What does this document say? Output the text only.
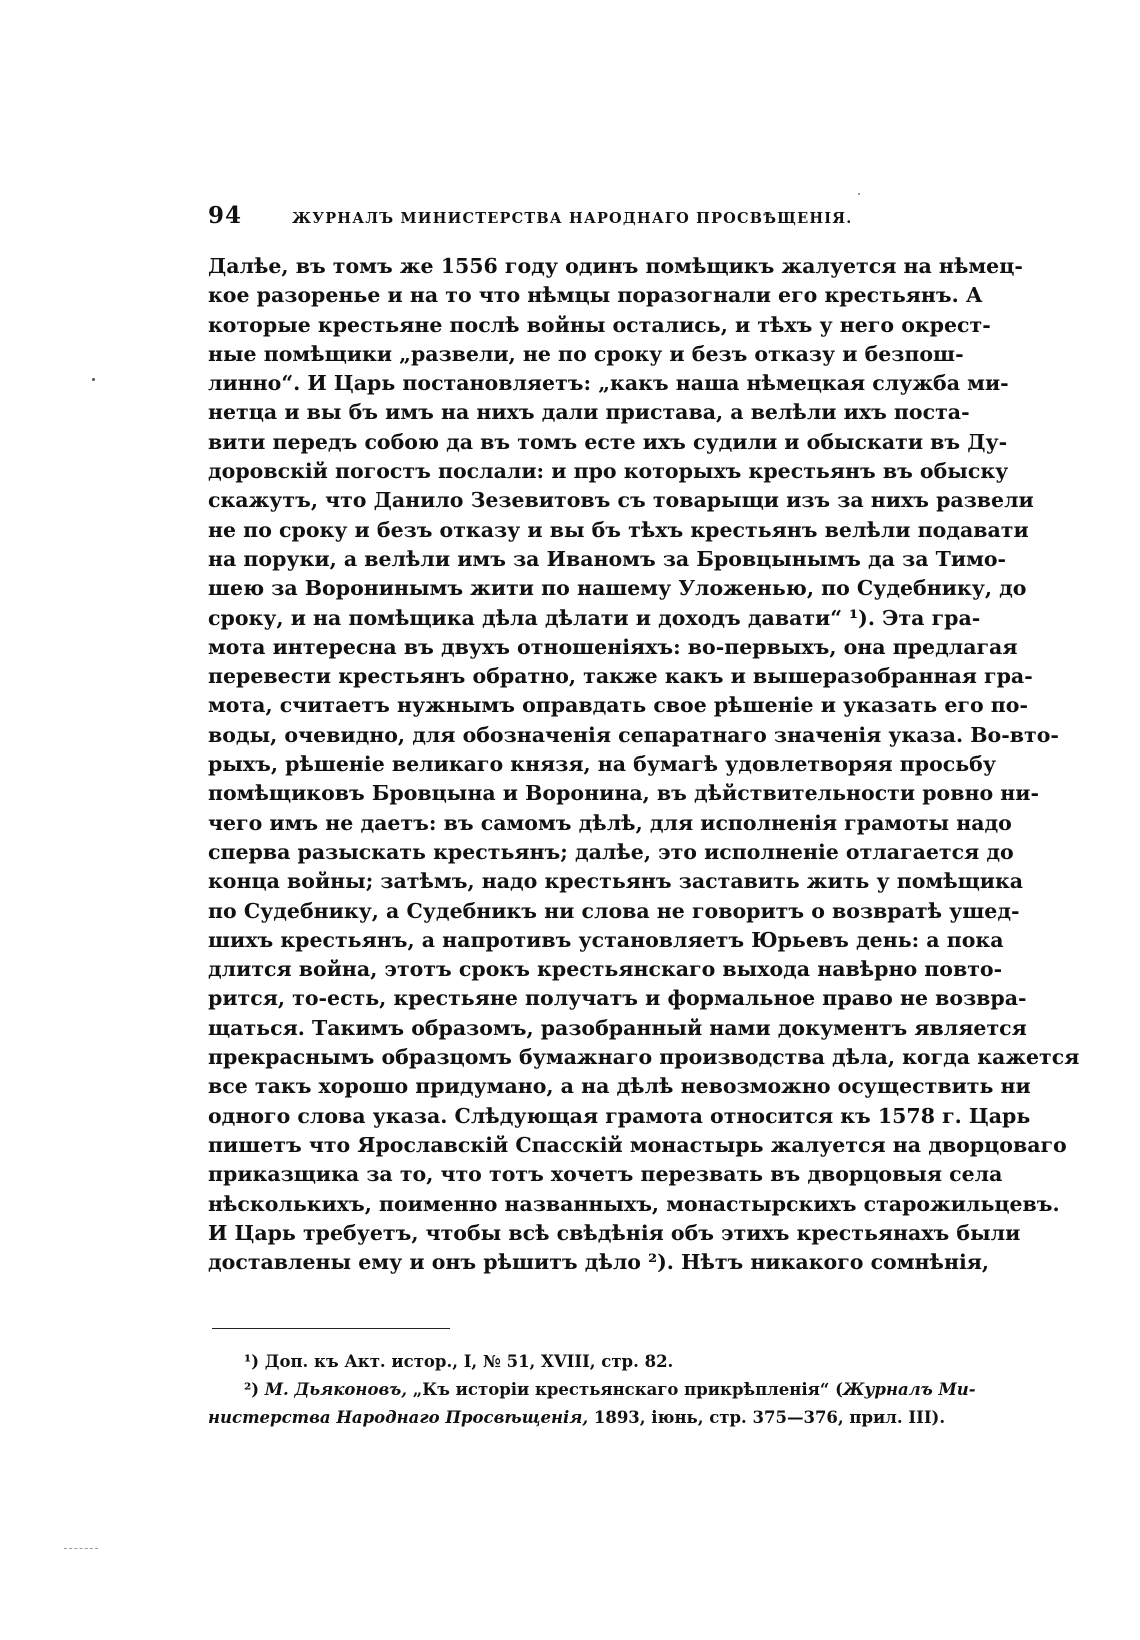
94	ЖУРНАЛЪ МИНИСТЕРСТВА НАРОДНАГО ПРОСВѢЩЕНІЯ.
Далѣе, въ томъ же 1556 году одинъ помѣщикъ жалуется на нѣмец-
кое разоренье и на то что нѣмцы поразогнали его крестьянъ. А
которые крестьяне послѣ войны остались, и тѣхъ у него окрест-
ные помѣщики „развели, не по сроку и безъ отказу и безпош-
линно“. И Царь постановляетъ: „какъ наша нѣмецкая служба ми-
нетца и вы бъ имъ на нихъ дали пристава, а велѣли ихъ поста-
вити передъ собою да въ томъ есте ихъ судили и обыскати въ Ду-
доровскій погостъ послали: и про которыхъ крестьянъ въ обыску
скажутъ, что Данило Зезевитовъ съ товарыщи изъ за нихъ развели
не по сроку и безъ отказу и вы бъ тѣхъ крестьянъ велѣли подавати
на поруки, а велѣли имъ за Иваномъ за Бровцынымъ да за Тимо-
шею за Воронинымъ жити по нашему Уложенью, по Судебнику, до
сроку, и на помѣщика дѣла дѣлати и доходъ давати“ ¹). Эта гра-
мота интересна въ двухъ отношеніяхъ: во-первыхъ, она предлагая
перевести крестьянъ обратно, также какъ и вышеразобранная гра-
мота, считаетъ нужнымъ оправдать свое рѣшеніе и указать его по-
воды, очевидно, для обозначенія сепаратнаго значенія указа. Во-вто-
рыхъ, рѣшеніе великаго князя, на бумагѣ удовлетворяя просьбу
помѣщиковъ Бровцына и Воронина, въ дѣйствительности ровно ни-
чего имъ не даетъ: въ самомъ дѣлѣ, для исполненія грамоты надо
сперва разыскать крестьянъ; далѣе, это исполненіе отлагается до
конца войны; затѣмъ, надо крестьянъ заставить жить у помѣщика
по Судебнику, а Судебникъ ни слова не говоритъ о возвратѣ ушед-
шихъ крестьянъ, а напротивъ установляетъ Юрьевъ день: а пока
длится война, этотъ срокъ крестьянскаго выхода навѣрно повто-
рится, то-есть, крестьяне получатъ и формальное право не возвра-
щаться. Такимъ образомъ, разобранный нами документъ является
прекраснымъ образцомъ бумажнаго производства дѣла, когда кажется
все такъ хорошо придумано, а на дѣлѣ невозможно осуществить ни
одного слова указа. Слѣдующая грамота относится къ 1578 г. Царь
пишетъ что Ярославскій Спасскій монастырь жалуется на дворцоваго
приказщика за то, что тотъ хочетъ перезвать въ дворцовыя села
нѣсколькихъ, поименно названныхъ, монастырскихъ старожильцевъ.
И Царь требуетъ, чтобы всѣ свѣдѣнія объ этихъ крестьянахъ были
доставлены ему и онъ рѣшитъ дѣло ²). Нѣтъ никакого сомнѣнія,
¹) Доп. къ Акт. истор., I, № 51, XVIII, стр. 82.
²) М. Дьяконовъ, „Къ исторіи крестьянскаго прикрѣпленія“ (Журналъ Ми-
нистерства Народнаго Просвѣщенія, 1893, іюнь, стр. 375—376, прил. III).
